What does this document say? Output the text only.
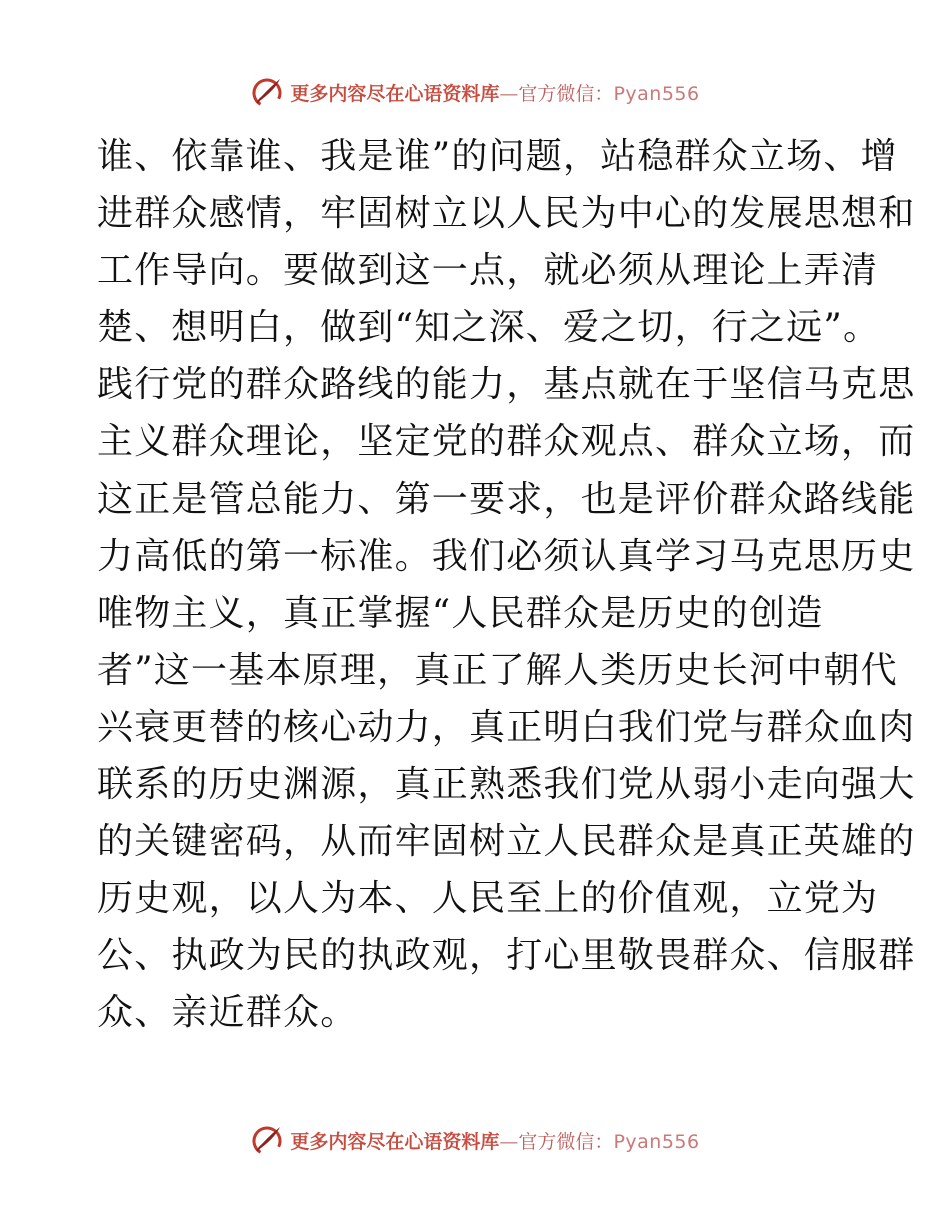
更多内容尽在心语资料库—官方微信：Pyan556
谁、依靠谁、我是谁”的问题，站稳群众立场、增
进群众感情，牢固树立以人民为中心的发展思想和
工作导向。要做到这一点，就必须从理论上弄清
楚、想明白，做到“知之深、爱之切，行之远”。
践行党的群众路线的能力，基点就在于坚信马克思
主义群众理论，坚定党的群众观点、群众立场，而
这正是管总能力、第一要求，也是评价群众路线能
力高低的第一标准。我们必须认真学习马克思历史
唯物主义，真正掌握“人民群众是历史的创造
者”这一基本原理，真正了解人类历史长河中朝代
兴衰更替的核心动力，真正明白我们党与群众血肉
联系的历史渊源，真正熟悉我们党从弱小走向强大
的关键密码，从而牢固树立人民群众是真正英雄的
历史观，以人为本、人民至上的价值观，立党为
公、执政为民的执政观，打心里敬畏群众、信服群
众、亲近群众。
更多内容尽在心语资料库—官方微信：Pyan556
